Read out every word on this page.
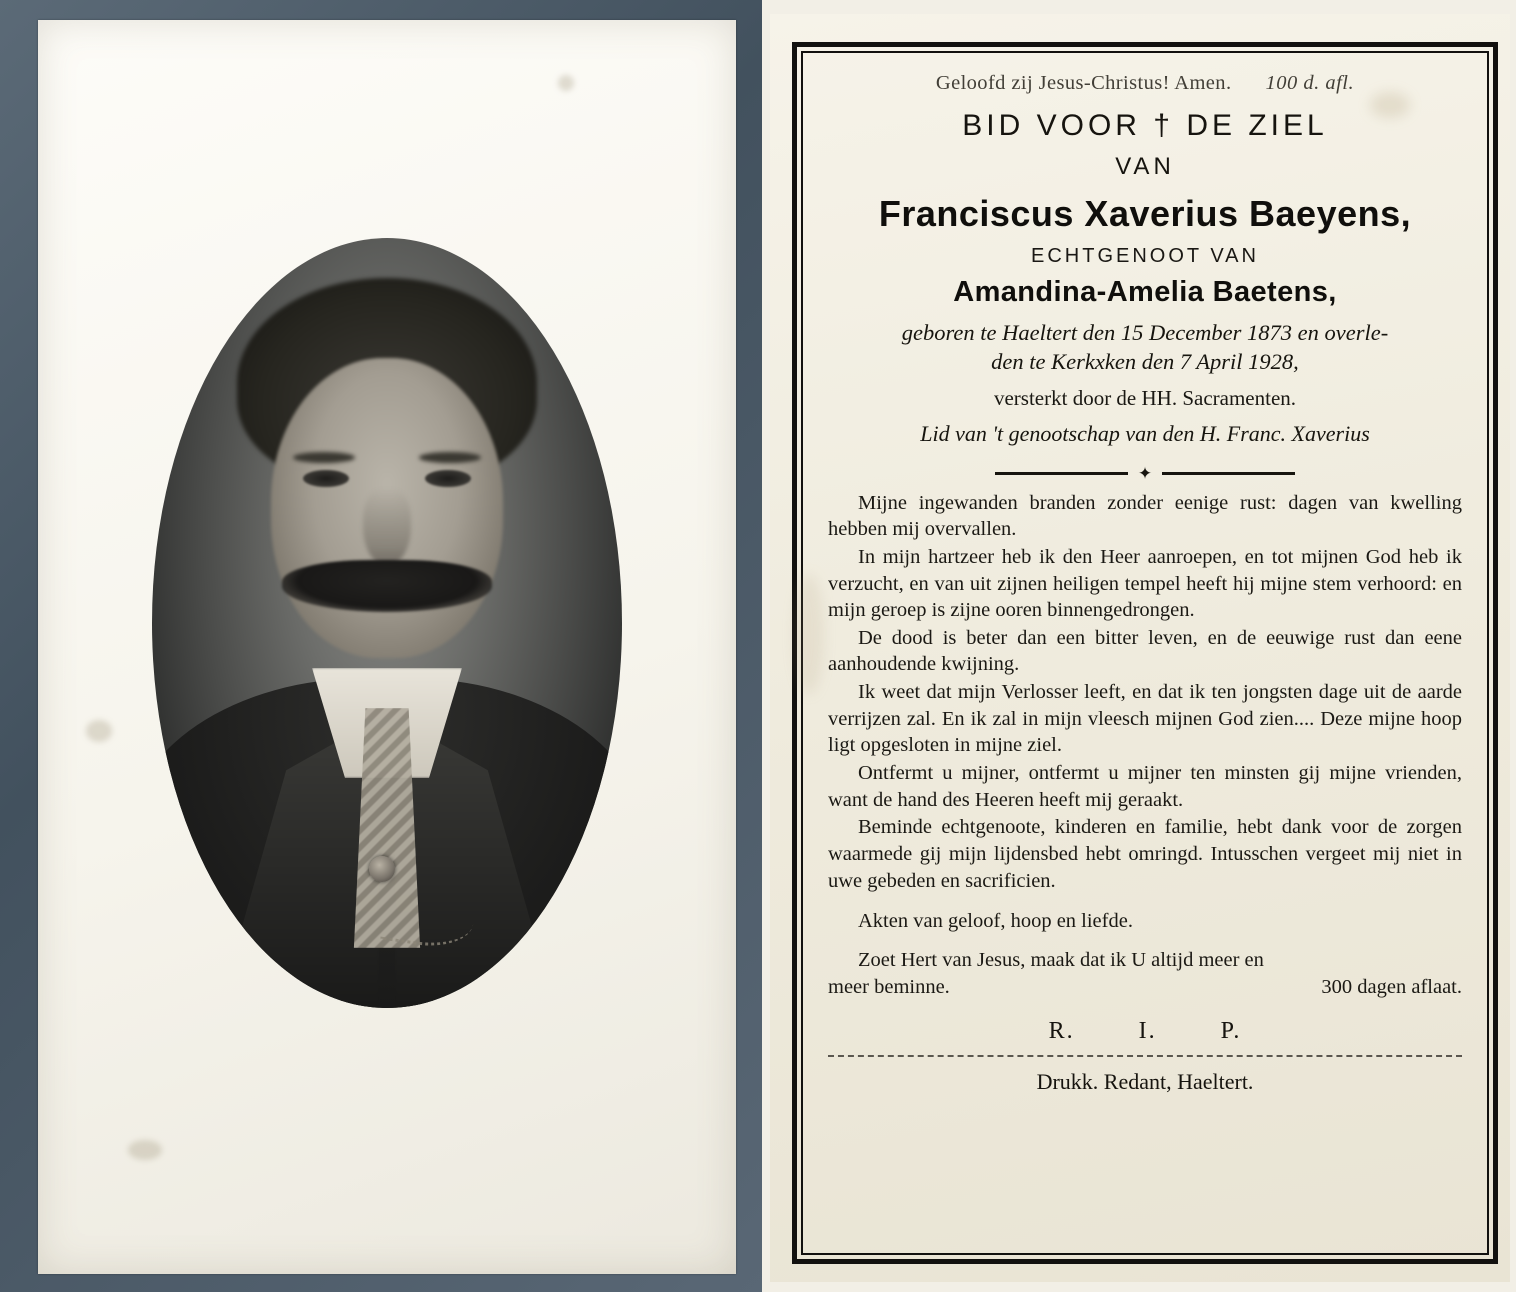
Geloofd zij Jesus-Christus! Amen. 100 d. afl.
BID VOOR † DE ZIEL
VAN
Franciscus Xaverius Baeyens,
ECHTGENOOT VAN
Amandina-Amelia Baetens,
geboren te Haeltert den 15 December 1873 en overle-
den te Kerkxken den 7 April 1928,
versterkt door de HH. Sacramenten.
Lid van 't genootschap van den H. Franc. Xaverius
✦

Mijne ingewanden branden zonder eenige rust: dagen van kwelling hebben mij overvallen.

In mijn hartzeer heb ik den Heer aanroepen, en tot mijnen God heb ik verzucht, en van uit zijnen heiligen tempel heeft hij mijne stem verhoord: en mijn geroep is zijne ooren binnengedrongen.

De dood is beter dan een bitter leven, en de eeuwige rust dan eene aanhoudende kwijning.

Ik weet dat mijn Verlosser leeft, en dat ik ten jongsten dage uit de aarde verrijzen zal. En ik zal in mijn vleesch mijnen God zien.... Deze mijne hoop ligt opgesloten in mijne ziel.

Ontfermt u mijner, ontfermt u mijner ten minsten gij mijne vrienden, want de hand des Heeren heeft mij geraakt.

Beminde echtgenoote, kinderen en familie, hebt dank voor de zorgen waarmede gij mijn lijdensbed hebt omringd. Intusschen vergeet mij niet in uwe gebeden en sacrificien.

Akten van geloof, hoop en liefde.
Zoet Hert van Jesus, maak dat ik U altijd meer en
meer beminne.	300 dagen aflaat.
R.	I.	P.
Drukk. Redant, Haeltert.
